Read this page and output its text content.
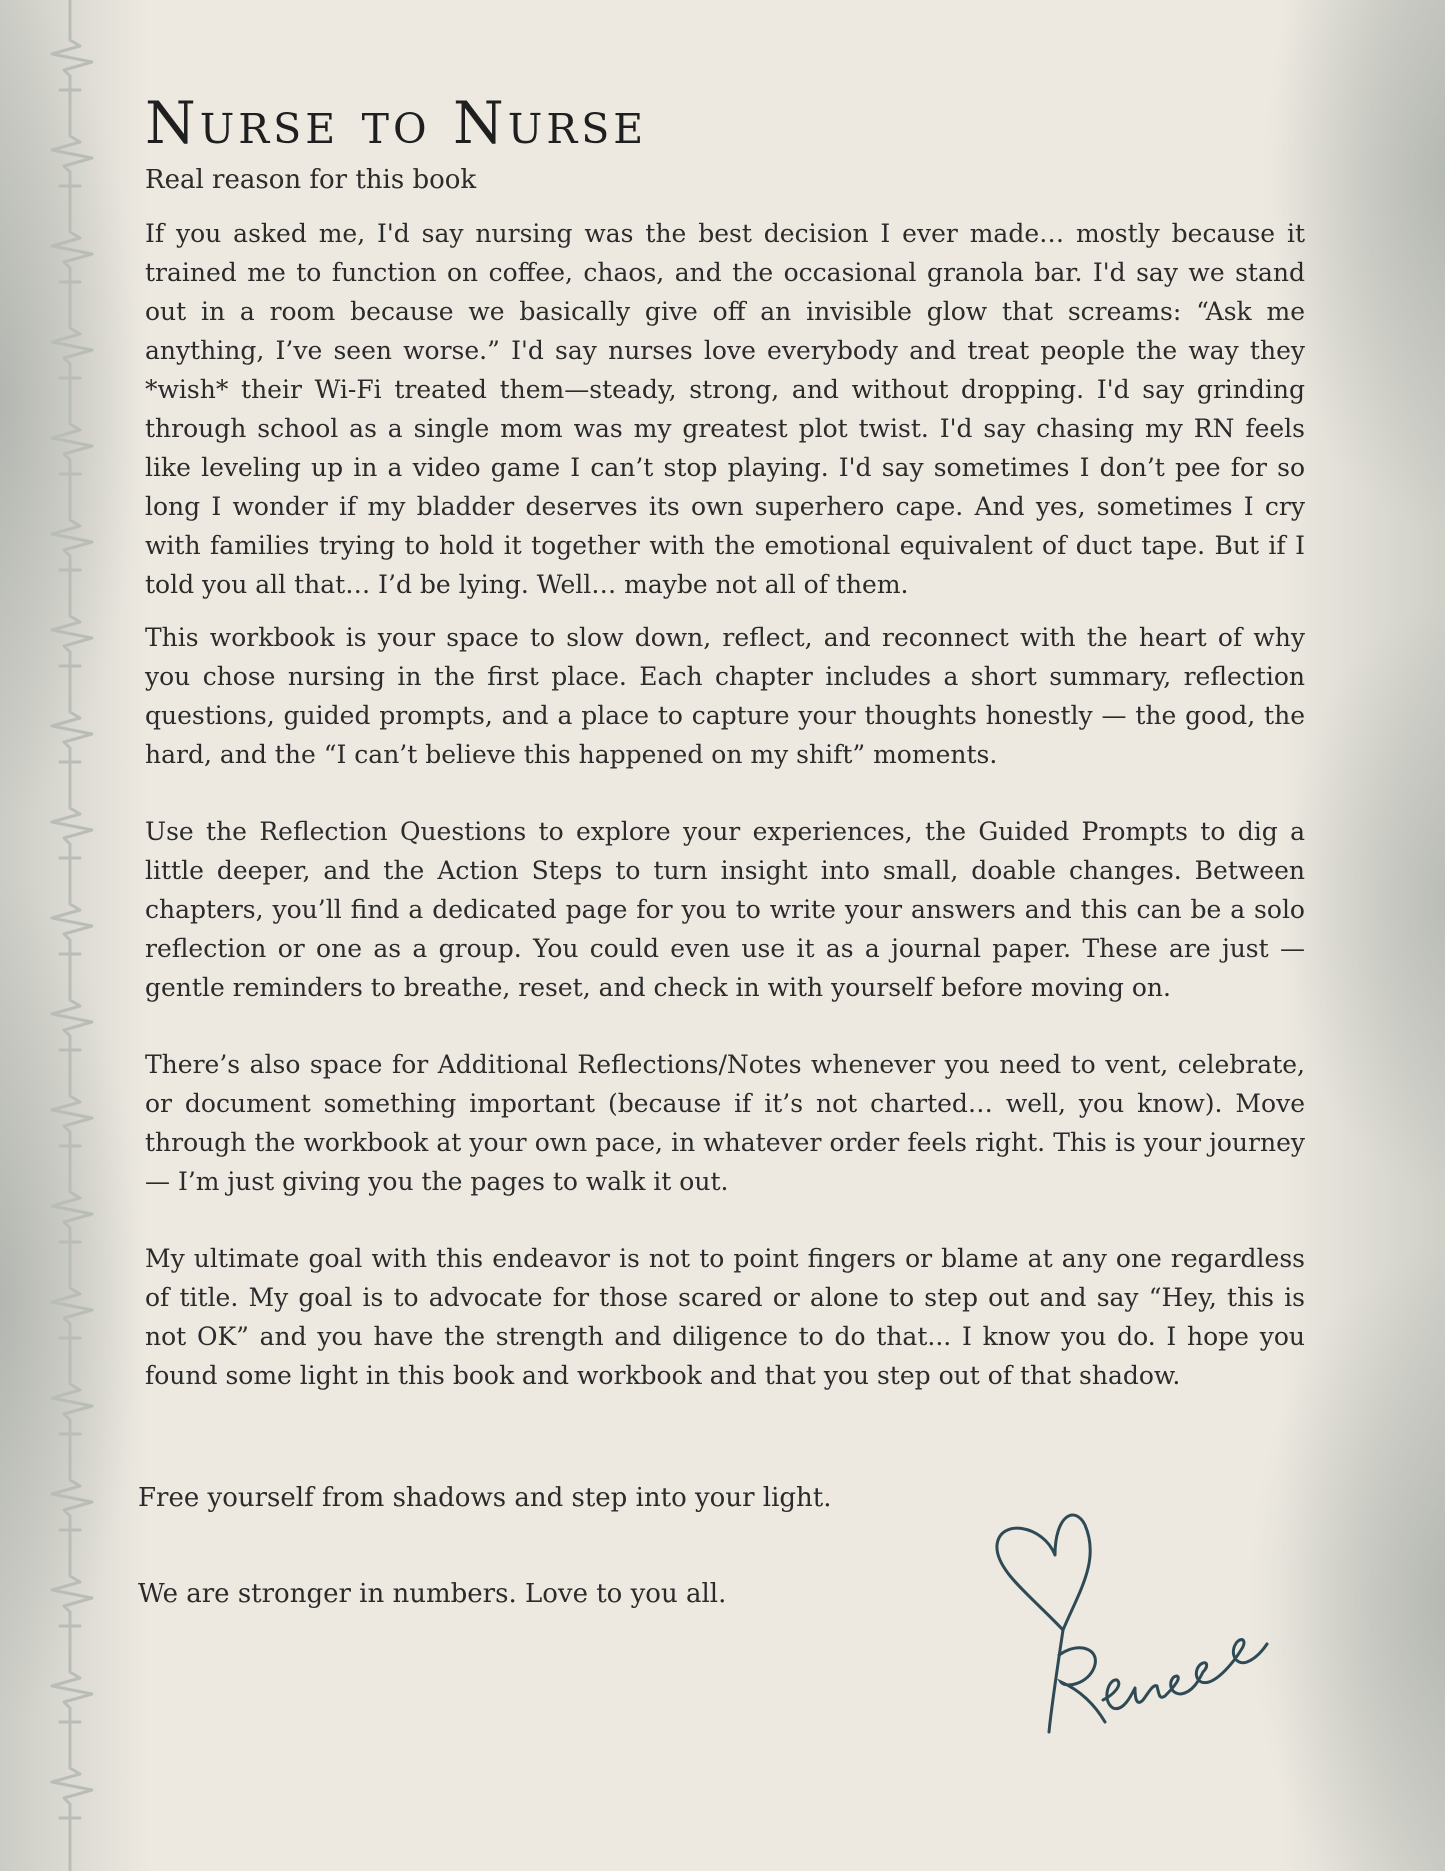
Nurse to Nurse
Real reason for this book

If you asked me, I'd say nursing was the best decision I ever made… mostly because it trained me to function on coffee, chaos, and the occasional granola bar. I'd say we stand out in a room because we basically give off an invisible glow that screams: “Ask me anything, I’ve seen worse.” I'd say nurses love everybody and treat people the way they *wish* their Wi-Fi treated them—steady, strong, and without dropping. I'd say grinding through school as a single mom was my greatest plot twist. I'd say chasing my RN feels like leveling up in a video game I can’t stop playing. I'd say sometimes I don’t pee for so long I wonder if my bladder deserves its own superhero cape. And yes, sometimes I cry with families trying to hold it together with the emotional equivalent of duct tape. But if I told you all that… I’d be lying. Well… maybe not all of them.

This workbook is your space to slow down, reflect, and reconnect with the heart of why you chose nursing in the first place. Each chapter includes a short summary, reflection questions, guided prompts, and a place to capture your thoughts honestly — the good, the hard, and the “I can’t believe this happened on my shift” moments.

Use the Reflection Questions to explore your experiences, the Guided Prompts to dig a little deeper, and the Action Steps to turn insight into small, doable changes. Between chapters, you’ll find a dedicated page for you to write your answers and this can be a solo reflection or one as a group. You could even use it as a journal paper. These are just — gentle reminders to breathe, reset, and check in with yourself before moving on.

There’s also space for Additional Reflections/Notes whenever you need to vent, celebrate, or document something important (because if it’s not charted… well, you know). Move through the workbook at your own pace, in whatever order feels right. This is your journey — I’m just giving you the pages to walk it out.

My ultimate goal with this endeavor is not to point fingers or blame at any one regardless of title. My goal is to advocate for those scared or alone to step out and say “Hey, this is not OK” and you have the strength and diligence to do that... I know you do. I hope you found some light in this book and workbook and that you step out of that shadow.

Free yourself from shadows and step into your light.

We are stronger in numbers. Love to you all.
